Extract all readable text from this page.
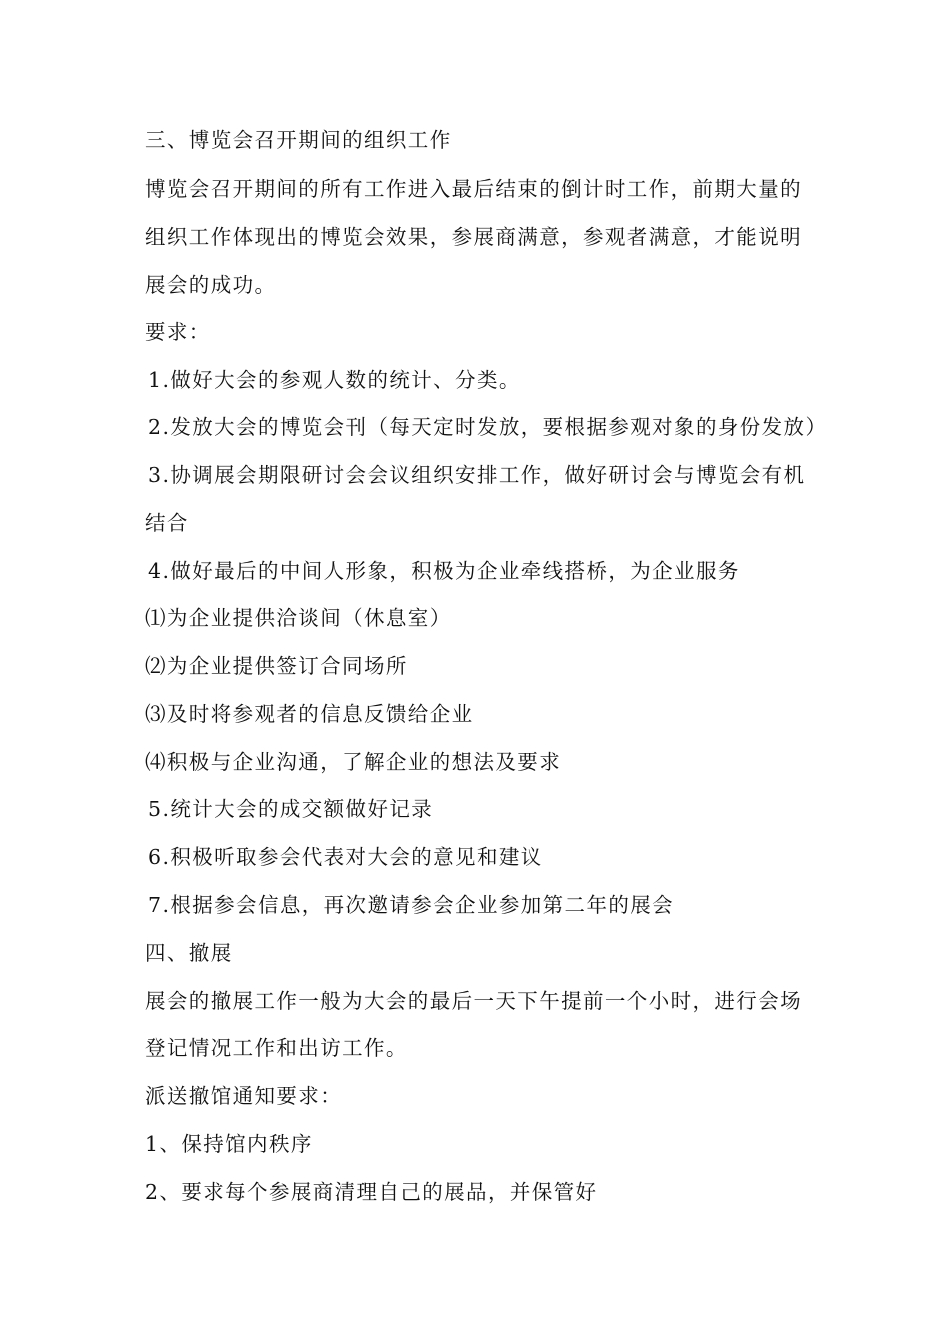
三、博览会召开期间的组织工作
博览会召开期间的所有工作进入最后结束的倒计时工作，前期大量的
组织工作体现出的博览会效果，参展商满意，参观者满意，才能说明
展会的成功。
要求：
1.做好大会的参观人数的统计、分类。
2.发放大会的博览会刊（每天定时发放，要根据参观对象的身份发放）
3.协调展会期限研讨会会议组织安排工作，做好研讨会与博览会有机
结合
4.做好最后的中间人形象，积极为企业牵线搭桥，为企业服务
⑴为企业提供洽谈间（休息室）
⑵为企业提供签订合同场所
⑶及时将参观者的信息反馈给企业
⑷积极与企业沟通，了解企业的想法及要求
5.统计大会的成交额做好记录
6.积极听取参会代表对大会的意见和建议
7.根据参会信息，再次邀请参会企业参加第二年的展会
四、撤展
展会的撤展工作一般为大会的最后一天下午提前一个小时，进行会场
登记情况工作和出访工作。
派送撤馆通知要求：
1、保持馆内秩序
2、要求每个参展商清理自己的展品，并保管好
